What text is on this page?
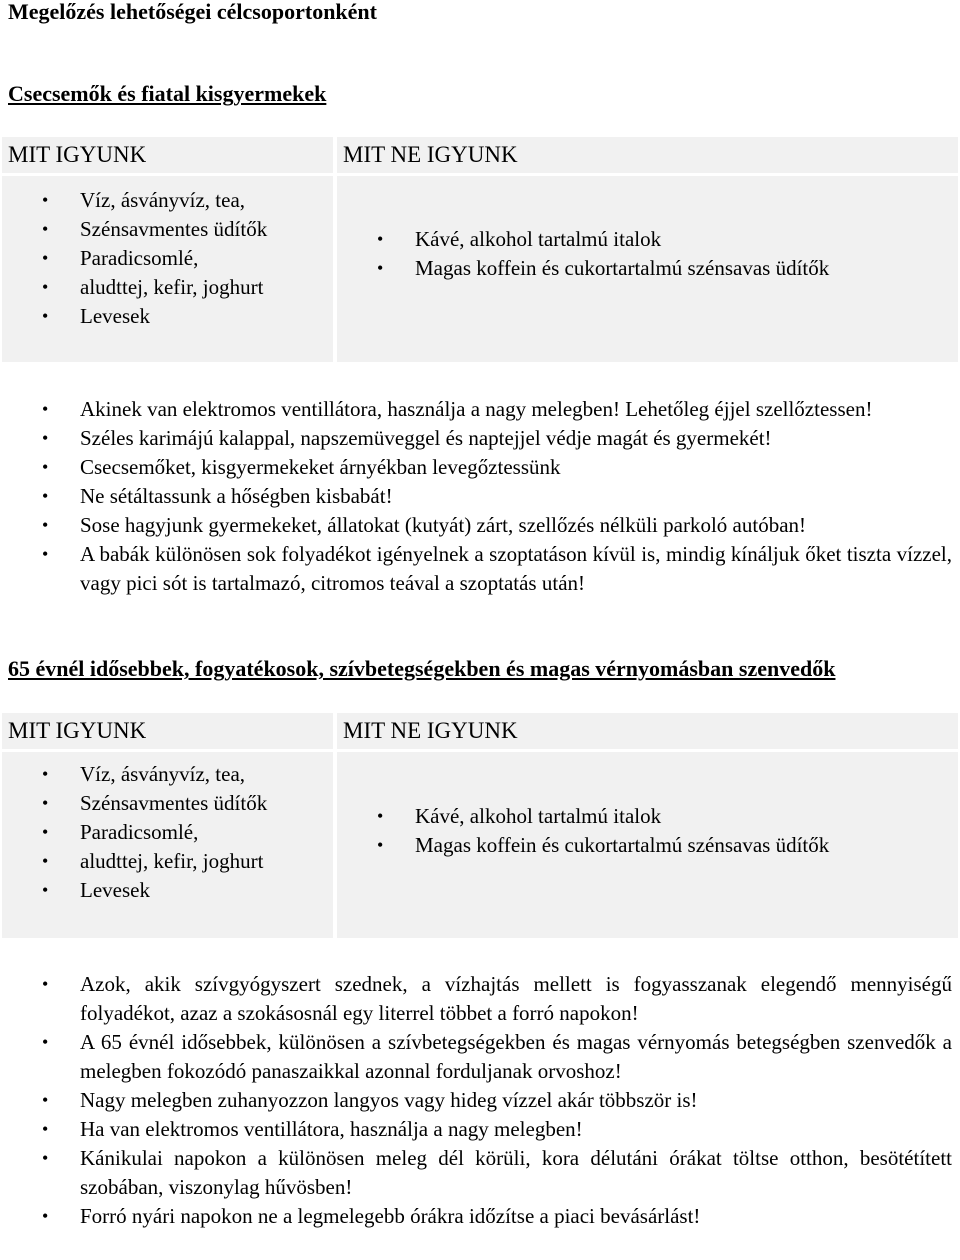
Megelőzés lehetőségei célcsoportonként
Csecsemők és fiatal kisgyermekek
MIT IGYUNK	MIT NE IGYUNK
• Víz, ásványvíz, tea,
• Szénsavmentes üdítők
• Paradicsomlé,
• aludttej, kefir, joghurt
• Levesek
• Kávé, alkohol tartalmú italok
• Magas koffein és cukortartalmú szénsavas üdítők
• Akinek van elektromos ventillátora, használja a nagy melegben! Lehetőleg éjjel szellőztessen!
• Széles karimájú kalappal, napszemüveggel és naptejjel védje magát és gyermekét!
• Csecsemőket, kisgyermekeket árnyékban levegőztessünk
• Ne sétáltassunk a hőségben kisbabát!
• Sose hagyjunk gyermekeket, állatokat (kutyát) zárt, szellőzés nélküli parkoló autóban!
• A babák különösen sok folyadékot igényelnek a szoptatáson kívül is, mindig kínáljuk őket tiszta vízzel, vagy pici sót is tartalmazó, citromos teával a szoptatás után!
65 évnél idősebbek, fogyatékosok, szívbetegségekben és magas vérnyomásban szenvedők
MIT IGYUNK	MIT NE IGYUNK
• Víz, ásványvíz, tea,
• Szénsavmentes üdítők
• Paradicsomlé,
• aludttej, kefir, joghurt
• Levesek
• Kávé, alkohol tartalmú italok
• Magas koffein és cukortartalmú szénsavas üdítők
• Azok, akik szívgyógyszert szednek, a vízhajtás mellett is fogyasszanak elegendő mennyiségű folyadékot, azaz a szokásosnál egy literrel többet a forró napokon!
• A 65 évnél idősebbek, különösen a szívbetegségekben és magas vérnyomás betegségben szenvedők a melegben fokozódó panaszaikkal azonnal forduljanak orvoshoz!
• Nagy melegben zuhanyozzon langyos vagy hideg vízzel akár többször is!
• Ha van elektromos ventillátora, használja a nagy melegben!
• Kánikulai napokon a különösen meleg dél körüli, kora délutáni órákat töltse otthon, besötétített szobában, viszonylag hűvösben!
• Forró nyári napokon ne a legmelegebb órákra időzítse a piaci bevásárlást!
